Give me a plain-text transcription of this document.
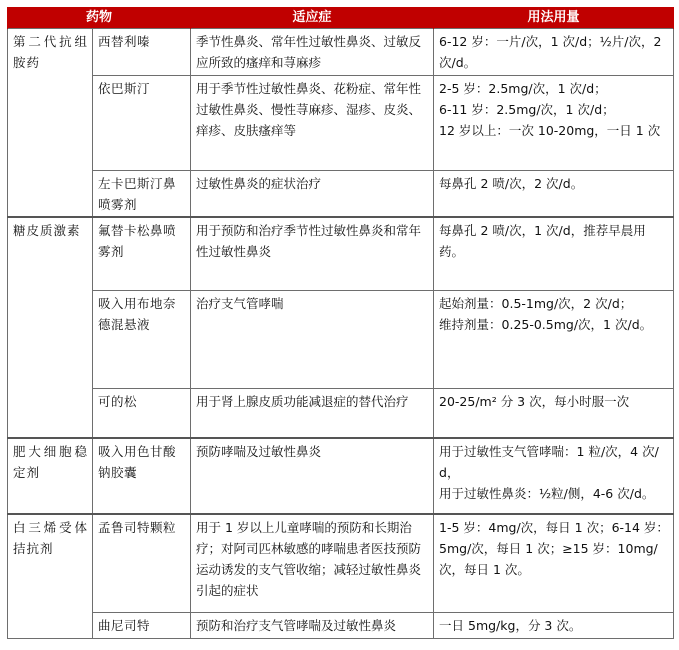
药物		适应症	用法用量
第二代抗组胺药	西替利嗪	季节性鼻炎、常年性过敏性鼻炎、过敏反应所致的瘙痒和荨麻疹	6-12 岁：一片/次，1 次/d；½片/次，2 次/d。

	依巴斯汀	用于季节性过敏性鼻炎、花粉症、常年性过敏性鼻炎、慢性荨麻疹、湿疹、皮炎、痒疹、皮肤瘙痒等	2-5 岁：2.5mg/次，1 次/d；
6-11 岁：2.5mg/次，1 次/d；
12 岁以上：一次 10-20mg，一日 1 次

	左卡巴斯汀鼻喷雾剂	过敏性鼻炎的症状治疗	每鼻孔 2 喷/次，2 次/d。

糖皮质激素	氟替卡松鼻喷雾剂	用于预防和治疗季节性过敏性鼻炎和常年性过敏性鼻炎	每鼻孔 2 喷/次，1 次/d，推荐早晨用药。

	吸入用布地奈德混悬液	治疗支气管哮喘	起始剂量：0.5-1mg/次，2 次/d；
维持剂量：0.25-0.5mg/次，1 次/d。

	可的松	用于肾上腺皮质功能减退症的替代治疗	20-25/m² 分 3 次，每小时服一次

肥大细胞稳定剂	吸入用色甘酸钠胶囊	预防哮喘及过敏性鼻炎	用于过敏性支气管哮喘：1 粒/次，4 次/d，
用于过敏性鼻炎：½粒/侧，4-6 次/d。

白三烯受体拮抗剂	孟鲁司特颗粒	用于 1 岁以上儿童哮喘的预防和长期治疗；对阿司匹林敏感的哮喘患者医技预防运动诱发的支气管收缩；减轻过敏性鼻炎引起的症状	1-5 岁：4mg/次，每日 1 次；6-14 岁：5mg/次，每日 1 次；≥15 岁：10mg/次，每日 1 次。

	曲尼司特	预防和治疗支气管哮喘及过敏性鼻炎	一日 5mg/kg，分 3 次。
